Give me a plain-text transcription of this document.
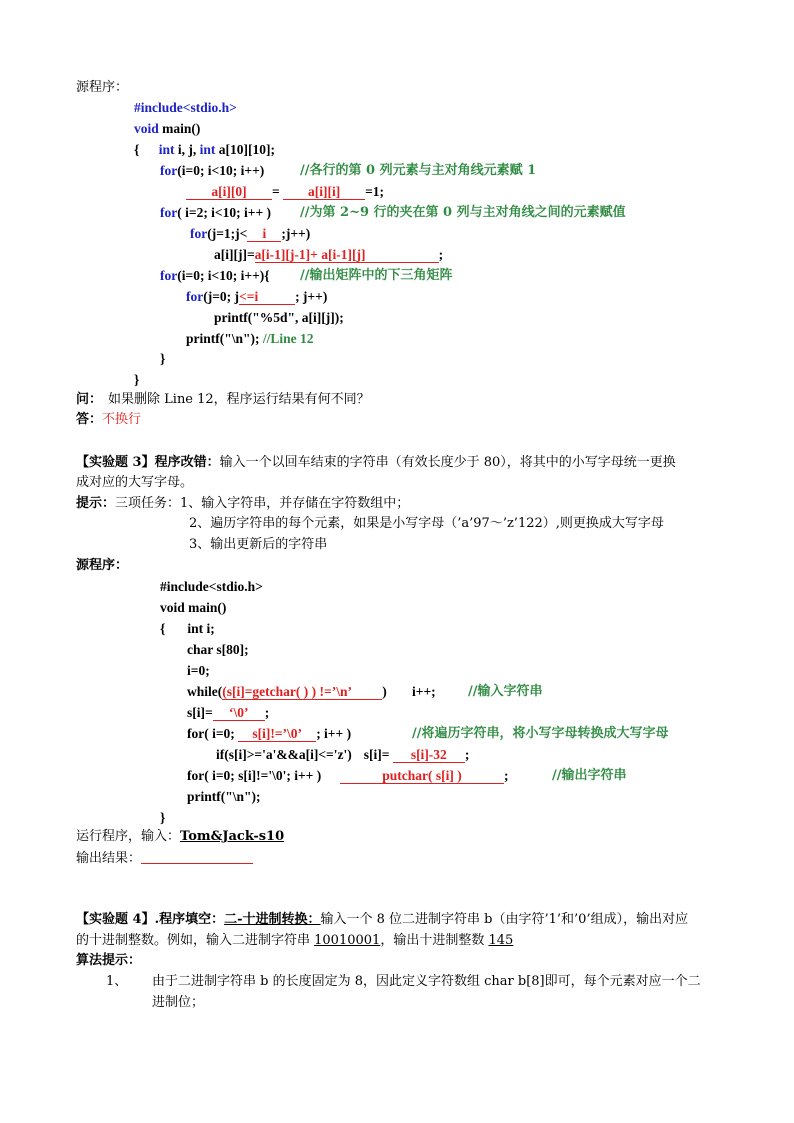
源程序：
#include<stdio.h>
void main()
{ int i, j, int a[10][10];
for(i=0; i<10; i++)	//各行的第 0 列元素与主对角线元素赋 1
a[i][0] = a[i][i] =1;
for( i=2; i<10; i++ ) //为第 2~9 行的夹在第 0 列与主对角线之间的元素赋值
for(j=1;j< i ;j++)
a[i][j]=a[i-1][j-1]+ a[i-1][j]	;
for(i=0; i<10; i++){ //输出矩阵中的下三角矩阵
for(j=0; j<=i	; j++)
printf("%5d", a[i][j]);
printf("\n"); //Line 12
}
}
问： 如果删除 Line 12，程序运行结果有何不同？
答：不换行
【实验题 3】程序改错：输入一个以回车结束的字符串（有效长度少于 80），将其中的小写字母统一更换
成对应的大写字母。
提示：三项任务：1、输入字符串，并存储在字符数组中；
2、遍历字符串的每个元素，如果是小写字母（’a’97～’z’122）,则更换成大写字母
3、输出更新后的字符串
源程序：
#include<stdio.h>
void main()
{ int i;
char s[80];
i=0;
while((s[i]=getchar( ) ) !=’\n’ ) i++; //输入字符串
s[i]= ‘\0’ ;
for( i=0; s[i]!=’\0’ ; i++ )	//将遍历字符串，将小写字母转换成大写字母
if(s[i]>='a'&&a[i]<='z') s[i]= s[i]-32 ;
for( i=0; s[i]!='\0'; i++ )	putchar( s[i] )	;	//输出字符串
printf("\n");
}
运行程序，输入：Tom&Jack-s10
输出结果：
【实验题 4】.程序填空：二-十进制转换：输入一个 8 位二进制字符串 b（由字符’1’和’0’组成），输出对应
的十进制整数。例如，输入二进制字符串 10010001，输出十进制整数 145
算法提示：
1、 由于二进制字符串 b 的长度固定为 8，因此定义字符数组 char b[8]即可，每个元素对应一个二
进制位；
